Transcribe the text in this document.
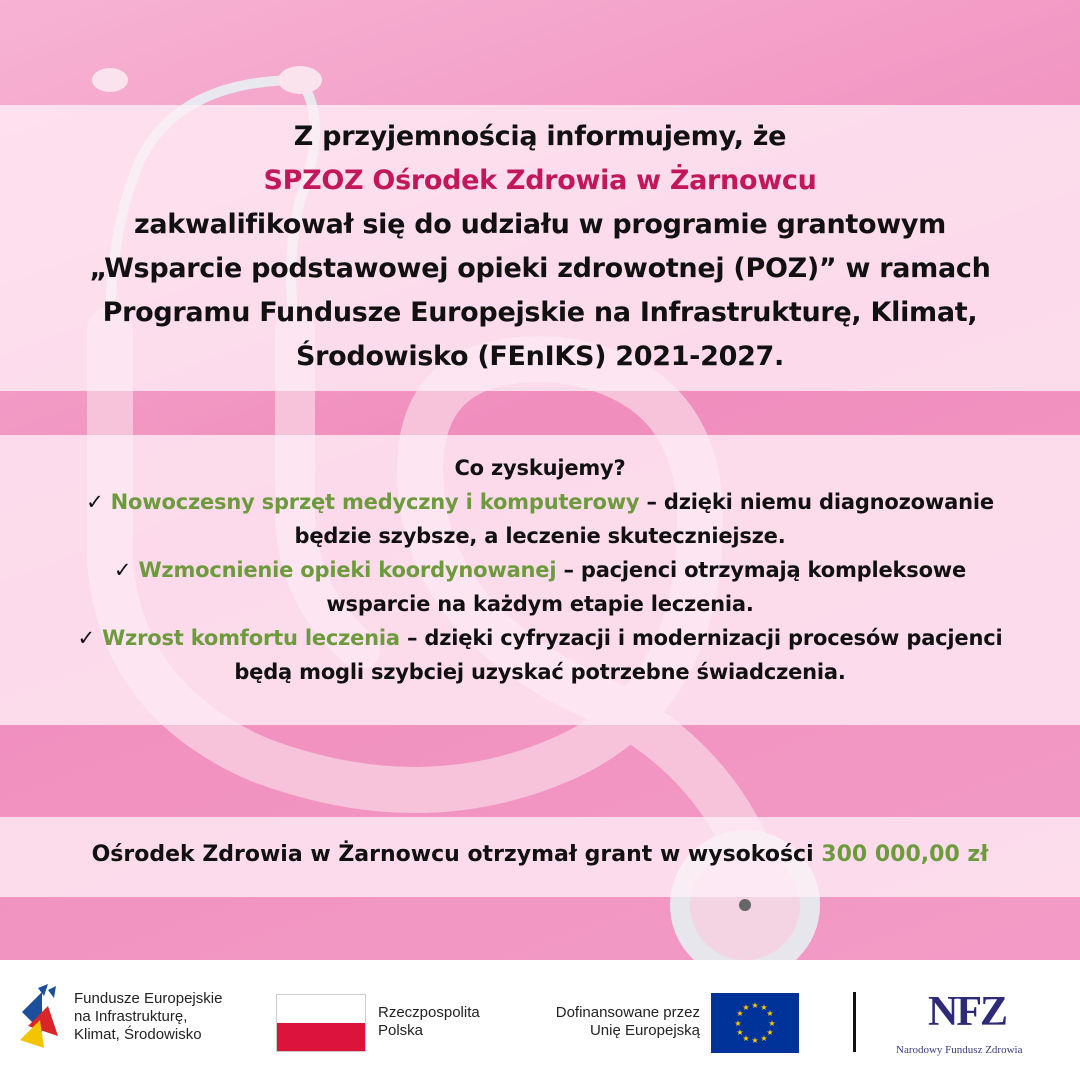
Z przyjemnością informujemy, że
SPZOZ Ośrodek Zdrowia w Żarnowcu
zakwalifikował się do udziału w programie grantowym
„Wsparcie podstawowej opieki zdrowotnej (POZ)” w ramach
Programu Fundusze Europejskie na Infrastrukturę, Klimat,
Środowisko (FEnIKS) 2021-2027.
Co zyskujemy?
✓ Nowoczesny sprzęt medyczny i komputerowy – dzięki niemu diagnozowanie
będzie szybsze, a leczenie skuteczniejsze.
✓ Wzmocnienie opieki koordynowanej – pacjenci otrzymają kompleksowe
wsparcie na każdym etapie leczenia.
✓ Wzrost komfortu leczenia – dzięki cyfryzacji i modernizacji procesów pacjenci
będą mogli szybciej uzyskać potrzebne świadczenia.
Ośrodek Zdrowia w Żarnowcu otrzymał grant w wysokości 300 000,00 zł
Fundusze Europejskie
na Infrastrukturę,
Klimat, Środowisko
Rzeczpospolita
Polska
Dofinansowane przez
Unię Europejską
★ ★
★
★
★
★
★
★
★
★
★
★	NFZ
Narodowy Fundusz Zdrowia
